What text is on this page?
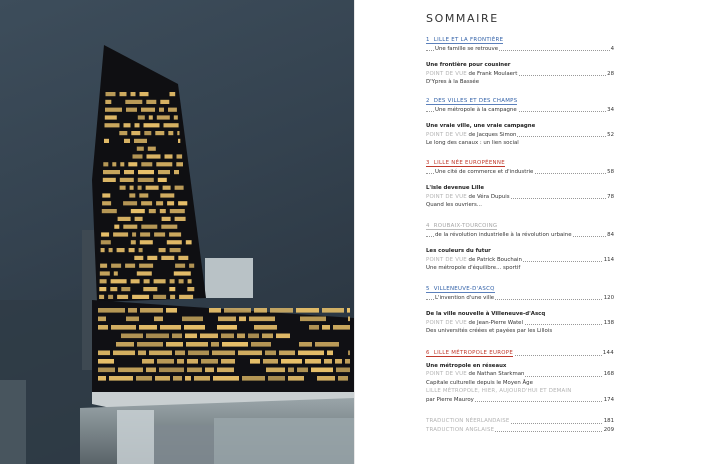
SOMMAIRE
1 LILLE ET LA FRONTIÈRE
Une famille se retrouve	4
Une frontière pour cousiner
POINT DE VUE de Frank Moulaert	28
D'Ypres à la Bassée
2 DES VILLES ET DES CHAMPS
Une métropole à la campagne	34
Une vraie ville, une vraie campagne
POINT DE VUE de Jacques Simon	52
Le long des canaux : un lien social
3 LILLE NÉE EUROPÉENNE
Une cité de commerce et d'industrie	58
L'isle devenue Lille
POINT DE VUE de Véra Dupuis	78
Quand les ouvriers...
4 ROUBAIX-TOURCOING
de la révolution industrielle à la révolution urbaine	84
Les couleurs du futur
POINT DE VUE de Patrick Bouchain	114
Une métropole d'équilibre... sportif
5 VILLENEUVE-D'ASCQ
L'invention d'une ville	120
De la ville nouvelle à Villeneuve-d'Ascq
POINT DE VUE de Jean-Pierre Watel	138
Des universités créées et payées par les Lillois
6 LILLE MÉTROPOLE EUROPE	144
Une métropole en réseaux
POINT DE VUE de Nathan Starkman	168
Capitale culturelle depuis le Moyen Âge
LILLE MÉTROPOLE, HIER, AUJOURD'HUI ET DEMAIN
par Pierre Mauroy	174
TRADUCTION NÉERLANDAISE	181
TRADUCTION ANGLAISE	209
